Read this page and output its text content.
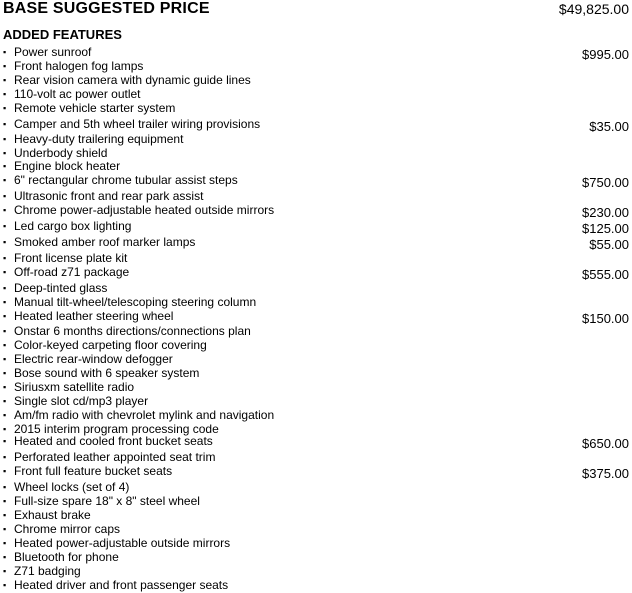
BASE SUGGESTED PRICE	$49,825.00
ADDED FEATURES
▪ Power sunroof	$995.00
▪ Front halogen fog lamps
▪ Rear vision camera with dynamic guide lines
▪ 110-volt ac power outlet
▪ Remote vehicle starter system
▪ Camper and 5th wheel trailer wiring provisions	$35.00
▪ Heavy-duty trailering equipment
▪ Underbody shield
▪ Engine block heater
▪ 6" rectangular chrome tubular assist steps	$750.00
▪ Ultrasonic front and rear park assist
▪ Chrome power-adjustable heated outside mirrors	$230.00
▪ Led cargo box lighting	$125.00
▪ Smoked amber roof marker lamps	$55.00
▪ Front license plate kit
▪ Off-road z71 package	$555.00
▪ Deep-tinted glass
▪ Manual tilt-wheel/telescoping steering column
▪ Heated leather steering wheel	$150.00
▪ Onstar 6 months directions/connections plan
▪ Color-keyed carpeting floor covering
▪ Electric rear-window defogger
▪ Bose sound with 6 speaker system
▪ Siriusxm satellite radio
▪ Single slot cd/mp3 player
▪ Am/fm radio with chevrolet mylink and navigation
▪ 2015 interim program processing code
▪ Heated and cooled front bucket seats	$650.00
▪ Perforated leather appointed seat trim
▪ Front full feature bucket seats	$375.00
▪ Wheel locks (set of 4)
▪ Full-size spare 18" x 8" steel wheel
▪ Exhaust brake
▪ Chrome mirror caps
▪ Heated power-adjustable outside mirrors
▪ Bluetooth for phone
▪ Z71 badging
▪ Heated driver and front passenger seats
